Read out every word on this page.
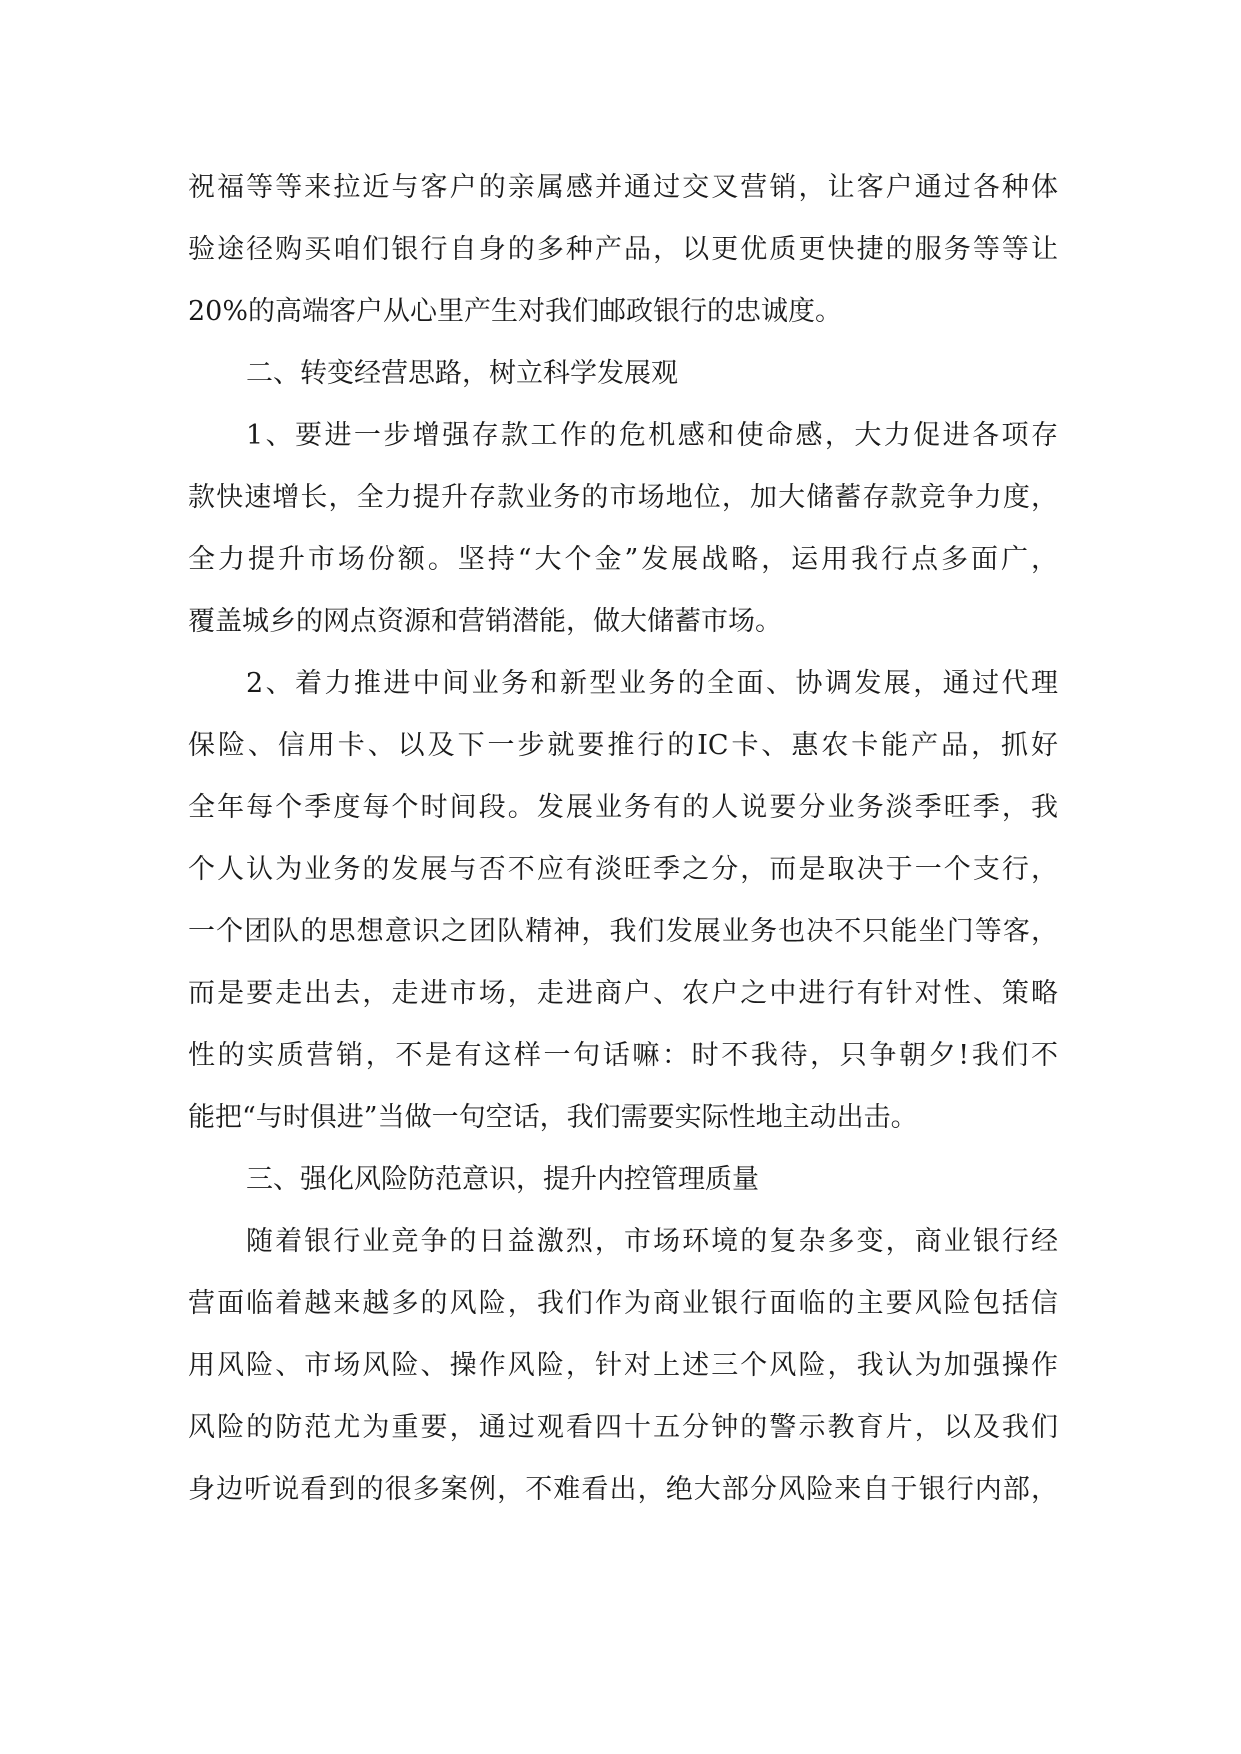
祝福等等来拉近与客户的亲属感并通过交叉营销，让客户通过各种体
验途径购买咱们银行自身的多种产品，以更优质更快捷的服务等等让
20%的高端客户从心里产生对我们邮政银行的忠诚度。
二、转变经营思路，树立科学发展观
1、要进一步增强存款工作的危机感和使命感，大力促进各项存
款快速增长，全力提升存款业务的市场地位，加大储蓄存款竞争力度，
全力提升市场份额。坚持“大个金”发展战略，运用我行点多面广，
覆盖城乡的网点资源和营销潜能，做大储蓄市场。
2、着力推进中间业务和新型业务的全面、协调发展，通过代理
保险、信用卡、以及下一步就要推行的IC卡、惠农卡能产品，抓好
全年每个季度每个时间段。发展业务有的人说要分业务淡季旺季，我
个人认为业务的发展与否不应有淡旺季之分，而是取决于一个支行，
一个团队的思想意识之团队精神，我们发展业务也决不只能坐门等客，
而是要走出去，走进市场，走进商户、农户之中进行有针对性、策略
性的实质营销，不是有这样一句话嘛：时不我待，只争朝夕!我们不
能把“与时俱进”当做一句空话，我们需要实际性地主动出击。
三、强化风险防范意识，提升内控管理质量
随着银行业竞争的日益激烈，市场环境的复杂多变，商业银行经
营面临着越来越多的风险，我们作为商业银行面临的主要风险包括信
用风险、市场风险、操作风险，针对上述三个风险，我认为加强操作
风险的防范尤为重要，通过观看四十五分钟的警示教育片，以及我们
身边听说看到的很多案例，不难看出，绝大部分风险来自于银行内部，
